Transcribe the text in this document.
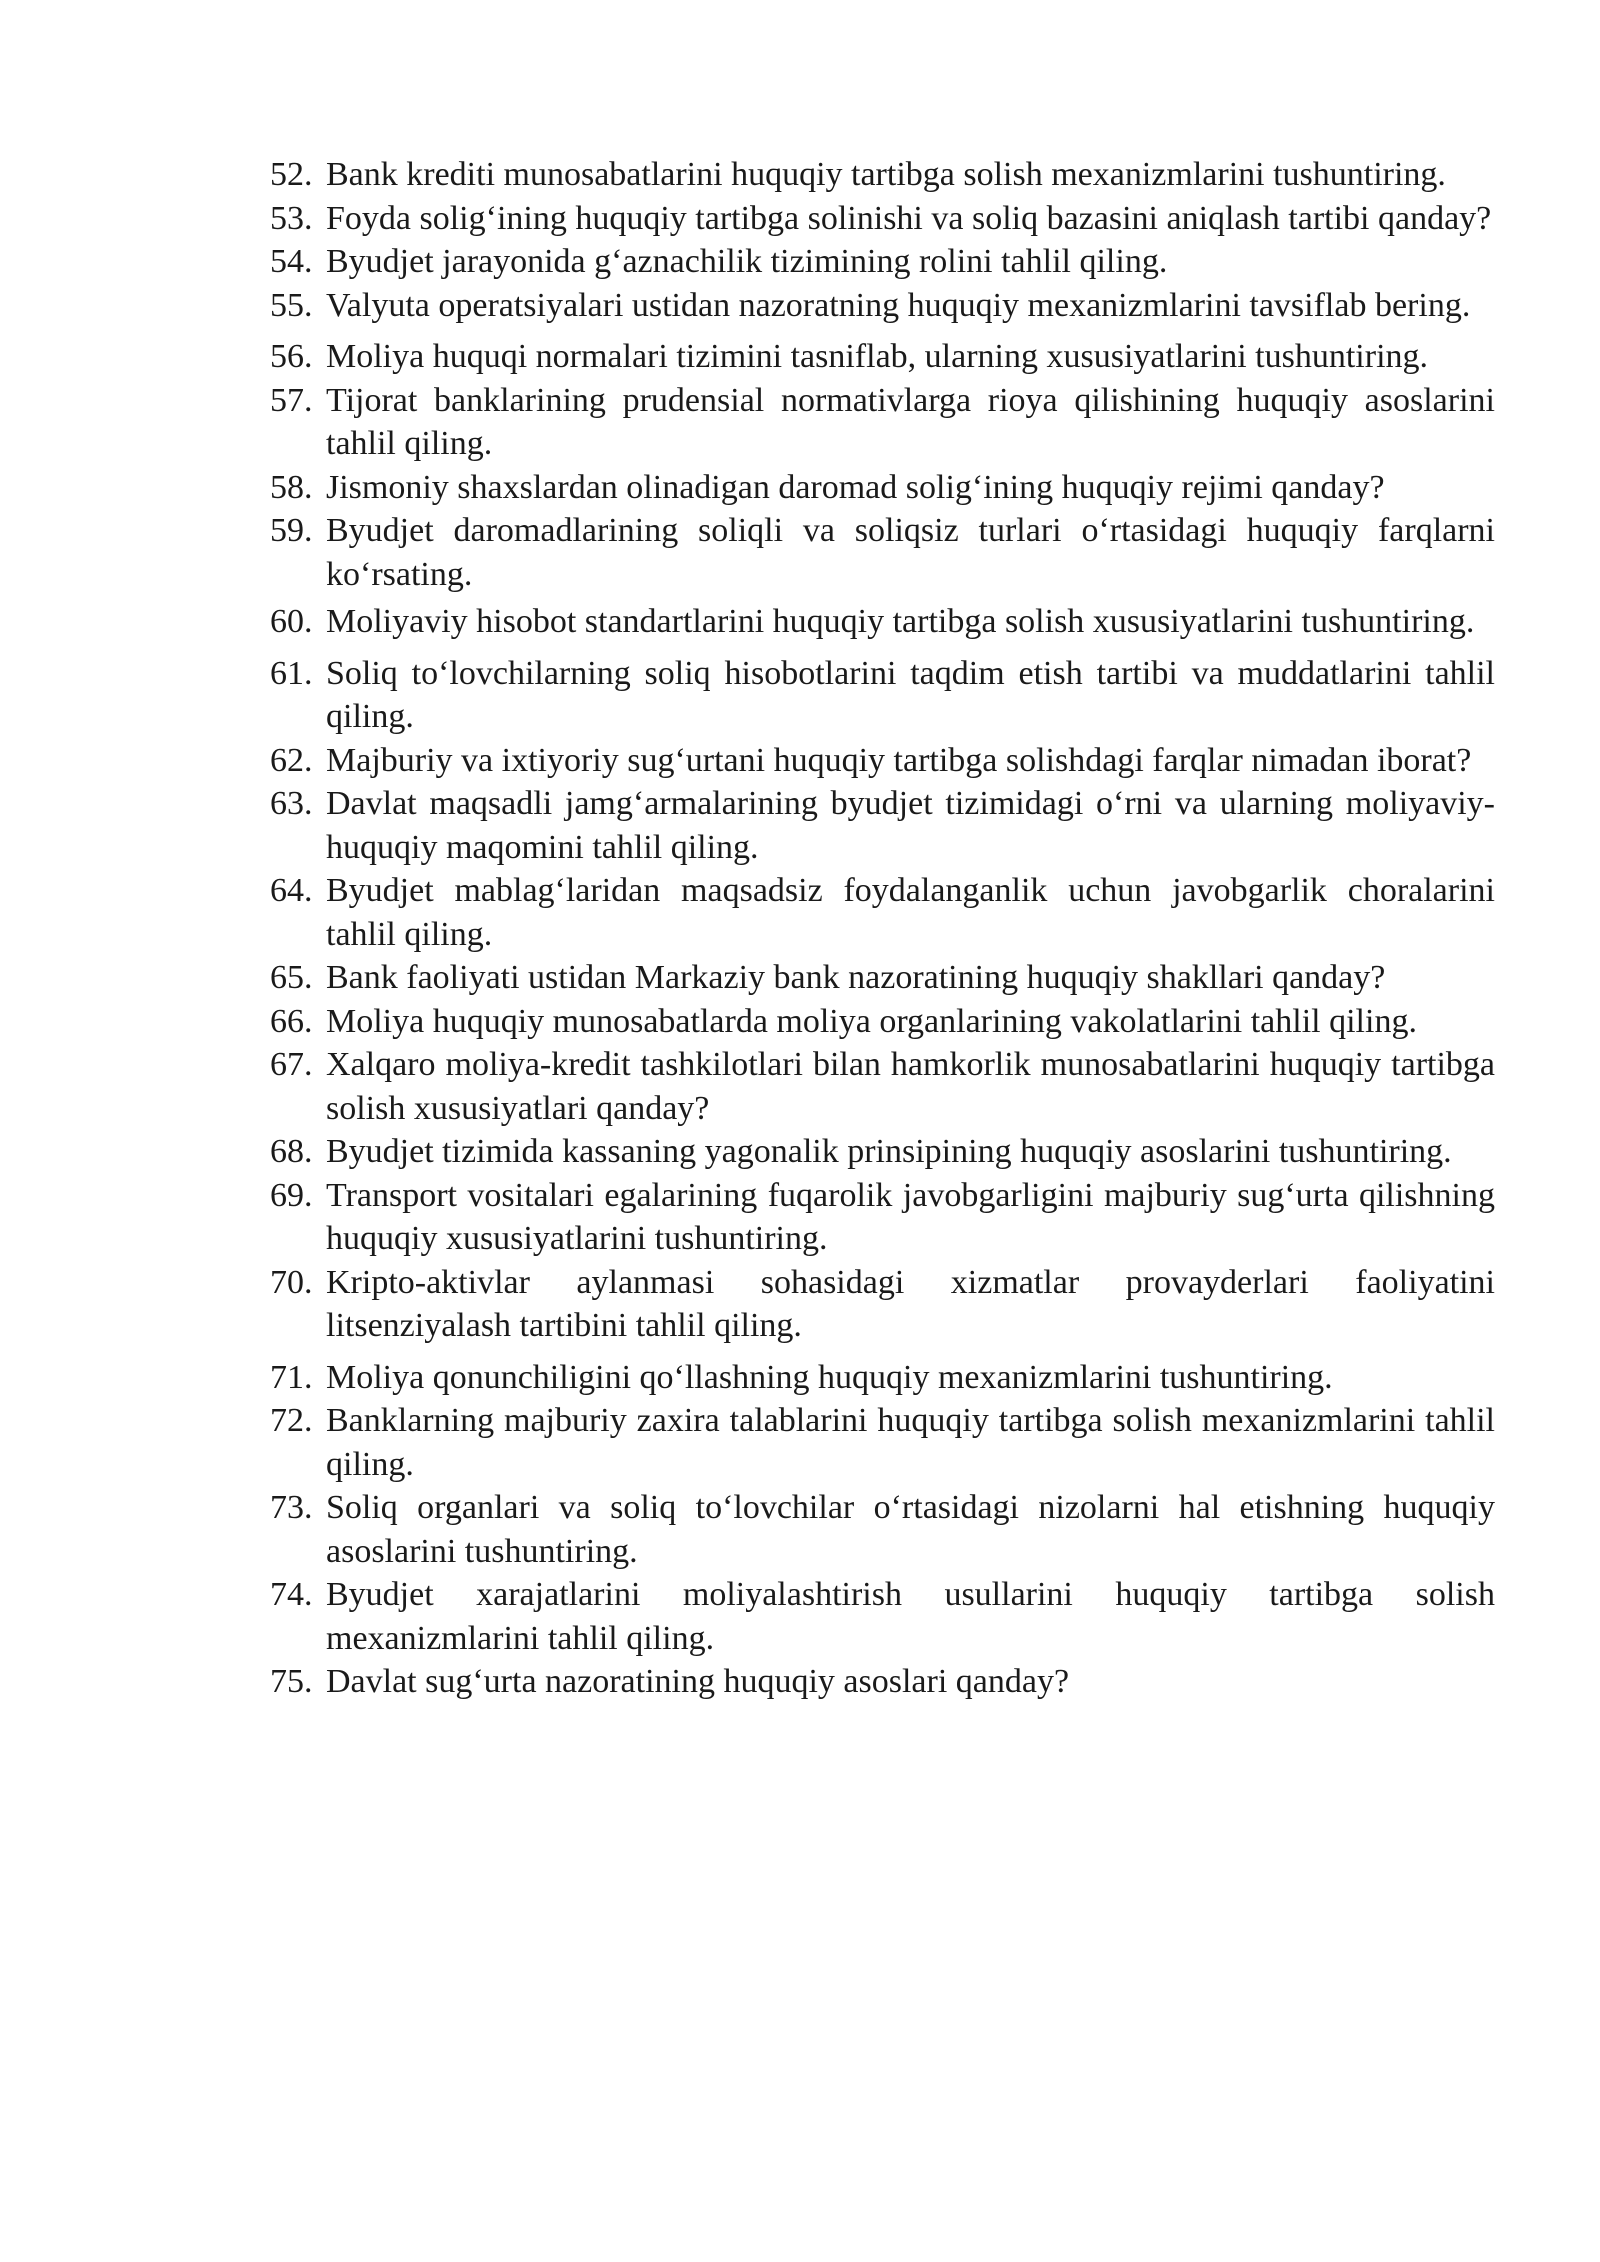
52. Bank krediti munosabatlarini huquqiy tartibga solish mexanizmlarini tushuntiring.
53. Foyda solig‘ining huquqiy tartibga solinishi va soliq bazasini aniqlash tartibi qanday?
54. Byudjet jarayonida g‘aznachilik tizimining rolini tahlil qiling.
55. Valyuta operatsiyalari ustidan nazoratning huquqiy mexanizmlarini tavsiflab bering.
56. Moliya huquqi normalari tizimini tasniflab, ularning xususiyatlarini tushuntiring.
57. Tijorat banklarining prudensial normativlarga rioya qilishining huquqiy asoslarini tahlil qiling.
58. Jismoniy shaxslardan olinadigan daromad solig‘ining huquqiy rejimi qanday?
59. Byudjet daromadlarining soliqli va soliqsiz turlari o‘rtasidagi huquqiy farqlarni ko‘rsating.
60. Moliyaviy hisobot standartlarini huquqiy tartibga solish xususiyatlarini tushuntiring.
61. Soliq to‘lovchilarning soliq hisobotlarini taqdim etish tartibi va muddatlarini tahlil qiling.
62. Majburiy va ixtiyoriy sug‘urtani huquqiy tartibga solishdagi farqlar nimadan iborat?
63. Davlat maqsadli jamg‘armalarining byudjet tizimidagi o‘rni va ularning moliyaviy-huquqiy maqomini tahlil qiling.
64. Byudjet mablag‘laridan maqsadsiz foydalanganlik uchun javobgarlik choralarini tahlil qiling.
65. Bank faoliyati ustidan Markaziy bank nazoratining huquqiy shakllari qanday?
66. Moliya huquqiy munosabatlarda moliya organlarining vakolatlarini tahlil qiling.
67. Xalqaro moliya-kredit tashkilotlari bilan hamkorlik munosabatlarini huquqiy tartibga solish xususiyatlari qanday?
68. Byudjet tizimida kassaning yagonalik prinsipining huquqiy asoslarini tushuntiring.
69. Transport vositalari egalarining fuqarolik javobgarligini majburiy sug‘urta qilishning huquqiy xususiyatlarini tushuntiring.
70. Kripto-aktivlar aylanmasi sohasidagi xizmatlar provayderlari faoliyatini litsenziyalash tartibini tahlil qiling.
71. Moliya qonunchiligini qo‘llashning huquqiy mexanizmlarini tushuntiring.
72. Banklarning majburiy zaxira talablarini huquqiy tartibga solish mexanizmlarini tahlil qiling.
73. Soliq organlari va soliq to‘lovchilar o‘rtasidagi nizolarni hal etishning huquqiy asoslarini tushuntiring.
74. Byudjet xarajatlarini moliyalashtirish usullarini huquqiy tartibga solish mexanizmlarini tahlil qiling.
75. Davlat sug‘urta nazoratining huquqiy asoslari qanday?
